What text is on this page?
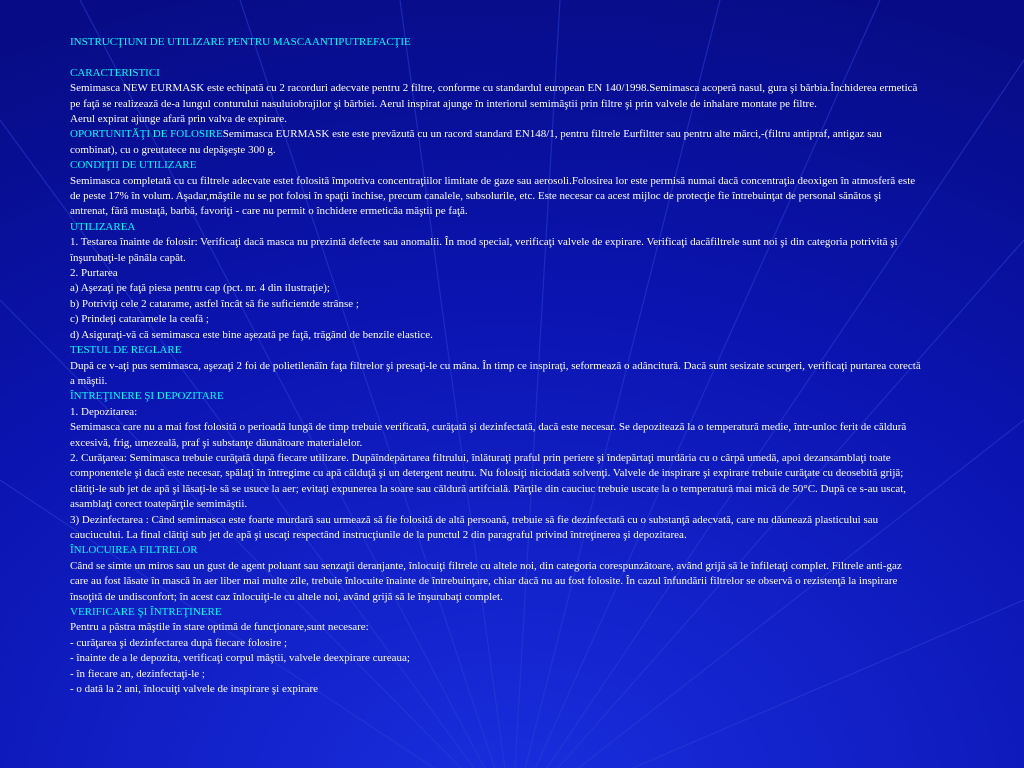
INSTRUCŢIUNI DE UTILIZARE PENTRU MASCAANTIPUTREFACŢIE
CARACTERISTICI
Semimasca NEW EURMASK este echipată cu 2 racorduri adecvate pentru 2 filtre, conforme cu standardul european EN 140/1998.Semimasca acoperă nasul, gura şi bărbia.Închiderea ermetică pe faţă se realizează de-a lungul conturului nasuluiobrajilor şi bărbiei. Aerul inspirat ajunge în interiorul semimăştii prin filtre şi prin valvele de inhalare montate pe filtre.
Aerul expirat ajunge afară prin valva de expirare.
OPORTUNITĂŢI DE FOLOSIRESemimasca EURMASK este este prevăzută cu un racord standard EN148/1, pentru filtrele Eurfiltter sau pentru alte mărci,-(filtru antipraf, antigaz sau combinat), cu o greutatece nu depăşeşte 300 g.
CONDIŢII DE UTILIZARE
Semimasca completată cu cu filtrele adecvate estet folosită împotriva concentraţiilor limitate de gaze sau aerosoli.Folosirea lor este permisă numai dacă concentraţia deoxigen în atmosferă este de peste 17% în volum. Aşadar,măştile nu se pot folosi în spaţii închise, precum canalele, subsolurile, etc. Este necesar ca acest mijloc de protecţie fie întrebuinţat de personal sănătos şi antrenat, fără mustaţă, barbă, favoriţi - care nu permit o închidere ermeticăa măştii pe faţă.
UTILIZAREA
1. Testarea înainte de folosir: Verificaţi dacă masca nu prezintă defecte sau anomalii. În mod special, verificaţi valvele de expirare. Verificaţi dacăfiltrele sunt noi şi din categoria potrivită şi înşurubaţi-le pânăla capăt.
2. Purtarea
a) Aşezaţi pe faţă piesa pentru cap (pct. nr. 4 din ilustraţie);
b) Potriviţi cele 2 catarame, astfel încât să fie suficientde strânse ;
c) Prindeţi cataramele la ceafă ;
d) Asiguraţi-vă că semimasca este bine aşezată pe faţă, trăgând de benzile elastice.
TESTUL DE REGLARE
După ce v-aţi pus semimasca, aşezaţi 2 foi de polietilenăîn faţa filtrelor şi presaţi-le cu mâna. În timp ce inspiraţi, seformează o adâncitură. Dacă sunt sesizate scurgeri, verificaţi purtarea corectă a măştii.
ÎNTREŢINERE ŞI DEPOZITARE
1. Depozitarea:
Semimasca care nu a mai fost folosită o perioadă lungă de timp trebuie verificată, curăţată şi dezinfectată, dacă este necesar. Se depozitează la o temperatură medie, într-unloc ferit de căldură excesivă, frig, umezeală, praf şi substanţe dăunătoare materialelor.
2. Curăţarea: Semimasca trebuie curăţată după fiecare utilizare. Dupăîndepărtarea filtrului, înlăturaţi praful prin periere şi îndepărtaţi murdăria cu o cârpă umedă, apoi dezansamblaţi toate componentele şi dacă este necesar, spălaţi în întregime cu apă călduţă şi un detergent neutru. Nu folosiţi niciodată solvenţi. Valvele de inspirare şi expirare trebuie curăţate cu deosebită grijă; clătiţi-le sub jet de apă şi lăsaţi-le să se usuce la aer; evitaţi expunerea la soare sau căldură artifcială. Părţile din cauciuc trebuie uscate la o temperatură mai mică de 50°C. După ce s-au uscat, asamblaţi corect toatepărţile semimăştii.
3) Dezinfectarea : Când semimasca este foarte murdară sau urmează să fie folosită de altă persoană, trebuie să fie dezinfectată cu o substanţă adecvată, care nu dăunează plasticului sau cauciucului. La final clătiţi sub jet de apă şi uscaţi respectând instrucţiunile de la punctul 2 din paragraful privind întreţinerea şi depozitarea.
ÎNLOCUIREA FILTRELOR
Când se simte un miros sau un gust de agent poluant sau senzaţii deranjante, înlocuiţi filtrele cu altele noi, din categoria corespunzătoare, având grijă să le înfiletaţi complet. Filtrele anti-gaz care au fost lăsate în mască în aer liber mai multe zile, trebuie înlocuite înainte de întrebuinţare, chiar dacă nu au fost folosite. În cazul înfundării filtrelor se observă o rezistenţă la inspirare însoţită de undisconfort; în acest caz înlocuiţi-le cu altele noi, având grijă să le înşurubaţi complet.
VERIFICARE ŞI ÎNTREŢINERE
Pentru a păstra măştile în stare optimă de funcţionare,sunt necesare:
- curăţarea şi dezinfectarea după fiecare folosire ;
- înainte de a le depozita, verificaţi corpul măştii, valvele deexpirare cureaua;
- în fiecare an, dezinfectaţi-le ;
- o dată la 2 ani, înlocuiţi valvele de inspirare şi expirare
